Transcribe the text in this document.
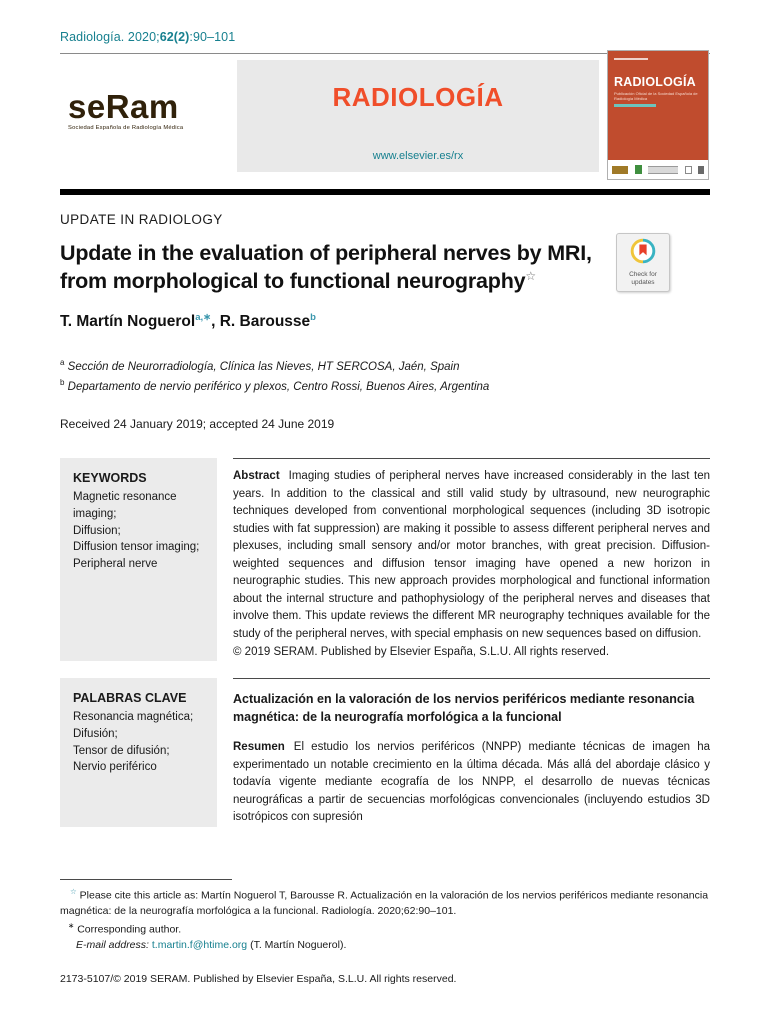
Radiología. 2020;62(2):90–101
seRam
Sociedad Española de Radiología Médica
RADIOLOGÍA
www.elsevier.es/rx
RADIOLOGÍA
Publicación Oficial de la Sociedad Española de Radiología Médica
UPDATE IN RADIOLOGY
Update in the evaluation of peripheral nerves by MRI,
from morphological to functional neurography☆	Check for updates
T. Martín Noguerol$^{a,∗}$, R. Barousse$^b$
$^a$ Sección de Neurorradiología, Clínica las Nieves, HT SERCOSA, Jaén, Spain
$^b$ Departamento de nervio periférico y plexos, Centro Rossi, Buenos Aires, Argentina
Received 24 January 2019; accepted 24 June 2019
KEYWORDS
Magnetic resonance imaging;
Diffusion;
Diffusion tensor imaging;
Peripheral nerve

Abstract Imaging studies of peripheral nerves have increased considerably in the last ten years. In addition to the classical and still valid study by ultrasound, new neurographic techniques developed from conventional morphological sequences (including 3D isotropic studies with fat suppression) are making it possible to assess different peripheral nerves and plexuses, including small sensory and/or motor branches, with great precision. Diffusion-weighted sequences and diffusion tensor imaging have opened a new horizon in neurographic studies. This new approach provides morphological and functional information about the internal structure and pathophysiology of the peripheral nerves and diseases that involve them. This update reviews the different MR neurography techniques available for the study of the peripheral nerves, with special emphasis on new sequences based on diffusion.

© 2019 SERAM. Published by Elsevier España, S.L.U. All rights reserved.
PALABRAS CLAVE
Resonancia magnética;
Difusión;
Tensor de difusión;
Nervio periférico
Actualización en la valoración de los nervios periféricos mediante resonancia magnética: de la neurografía morfológica a la funcional

Resumen El estudio los nervios periféricos (NNPP) mediante técnicas de imagen ha experimentado un notable crecimiento en la última década. Más allá del abordaje clásico y todavía vigente mediante ecografía de los NNPP, el desarrollo de nuevas técnicas neurográficas a partir de secuencias morfológicas convencionales (incluyendo estudios 3D isotrópicos con supresión

☆ Please cite this article as: Martín Noguerol T, Barousse R. Actualización en la valoración de los nervios periféricos mediante resonancia magnética: de la neurografía morfológica a la funcional. Radiología. 2020;62:90–101.
∗ Corresponding author.
E-mail address: t.martin.f@htime.org (T. Martín Noguerol).
2173-5107/© 2019 SERAM. Published by Elsevier España, S.L.U. All rights reserved.
